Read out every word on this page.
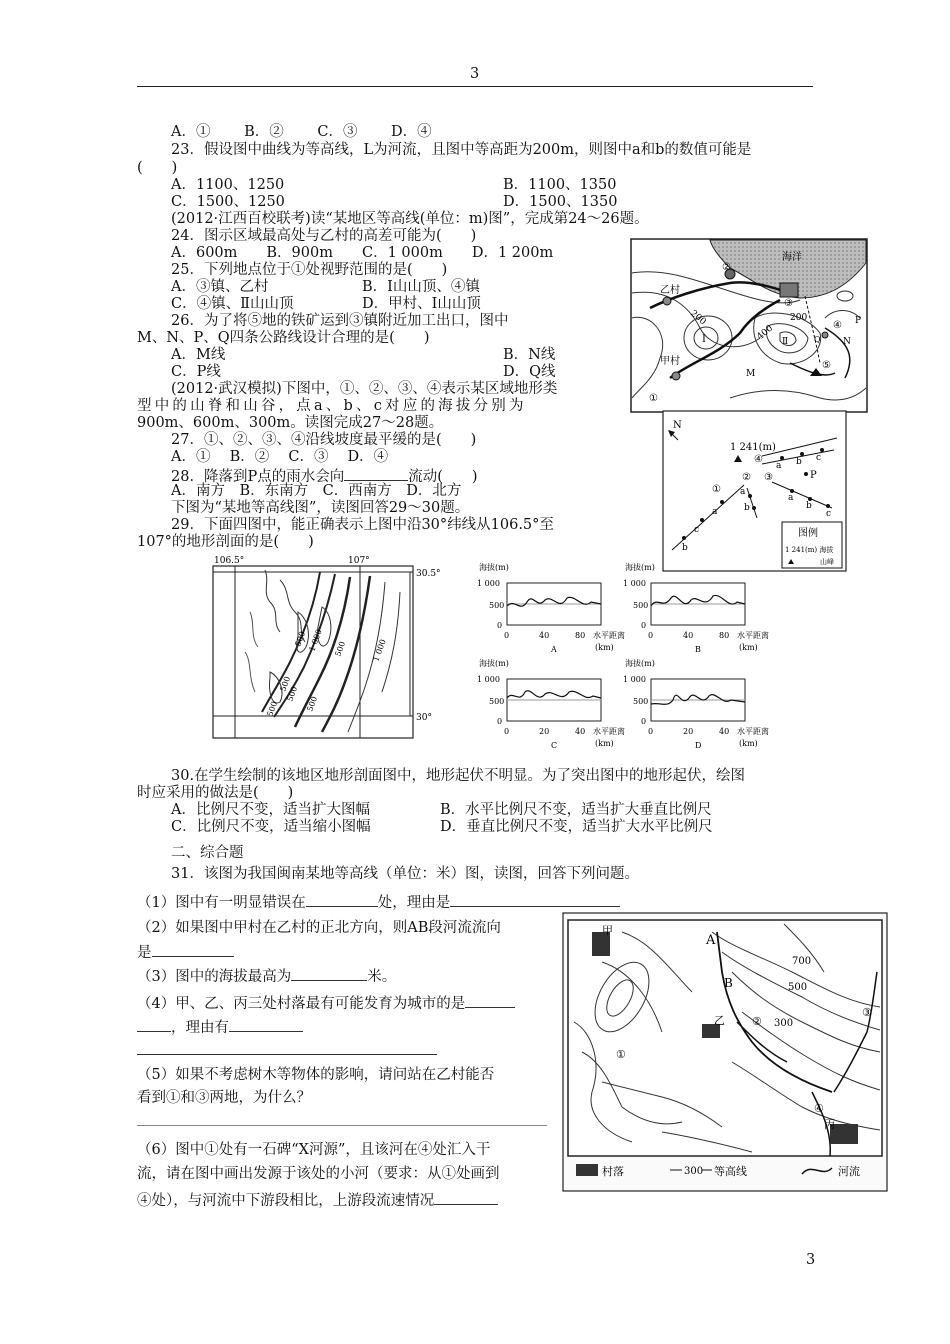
3
A．①　　 B．②　　 C．③　　 D．④
23．假设图中曲线为等高线，L为河流，且图中等高距为200m，则图中a和b的数值可能是
(　　)
A．1100、1250	B．1100、1350
C．1500、1250	D．1500、1350
(2012·江西百校联考)读“某地区等高线(单位：m)图”，完成第24～26题。
24．图示区域最高处与乙村的高差可能为(　　)
A．600m　　B．900m　　C．1 000m　　D．1 200m
25．下列地点位于①处视野范围的是(　　)
A．③镇、乙村	B．Ⅰ山山顶、④镇
C．④镇、Ⅱ山山顶	D．甲村、Ⅰ山山顶
26．为了将⑤地的铁矿运到③镇附近加工出口，图中
M、N、P、Q四条公路线设计合理的是(　　)
A．M线	B．N线
C．P线	D．Q线
(2012·武汉模拟)下图中，①、②、③、④表示某区域地形类
型中的山脊和山谷，点a、b、c对应的海拔分别为
900m、600m、300m。读图完成27～28题。
27．①、②、③、④沿线坡度最平缓的是(　　)
A．①　 B．②　 C．③　 D．④
28．降落到P点的雨水会向	流动(　　)
A．南方　B．东南方　C．西南方　D．北方
下图为“某地等高线图”，读图回答29～30题。
29．下面四图中，能正确表示上图中沿30°纬线从106.5°至
107°的地形剖面的是(　　)
30.在学生绘制的该地区地形剖面图中，地形起伏不明显。为了突出图中的地形起伏，绘图
时应采用的做法是(　　)
A．比例尺不变，适当扩大图幅	B．水平比例尺不变，适当扩大垂直比例尺
C．比例尺不变，适当缩小图幅	D．垂直比例尺不变，适当扩大水平比例尺
二、综合题
31．该图为我国闽南某地等高线（单位：米）图，读图，回答下列问题。
（1）图中有一明显错误在	处，理由是
（2）如果图中甲村在乙村的正北方向，则AB段河流流向
是
（3）图中的海拔最高为	米。
（4）甲、乙、丙三处村落最有可能发育为城市的是
，理由有
（5）如果不考虑树木等物体的影响，请问站在乙村能否
看到①和③两地，为什么？
（6）图中①处有一石碑“X河源”，且该河在④处汇入干
流，请在图中画出发源于该处的小河（要求：从①处画到
④处），与河流中下游段相比，上游段流速情况
海洋
②
乙村
200
③
Ⅰ
200
Ⅱ
400	④ P
Q N
⑤
甲村
M
①
N
1 241(m)
④
a b c
P
①
② ③
a
b
c
a
b
a
b
c	图例
1 241(m) 海拔
山峰
106.5°	107°
30.5°
30°
500 1 000 500	1 000
500
500
500
500
海拔(m)
1 000
500
0
0	40	80 水平距离
(km)
A
海拔(m)
1 000
500
0
0	40	80 水平距离
(km)
B
海拔(m)
1 000
500
0
0	20	40 水平距离
(km)
C
海拔(m)
1 000
500
0
0	20	40 水平距离
(km)
D
甲
A
700
B	500
乙 ② 300
③
①
④
丙
村落	300 等高线	河流
3
